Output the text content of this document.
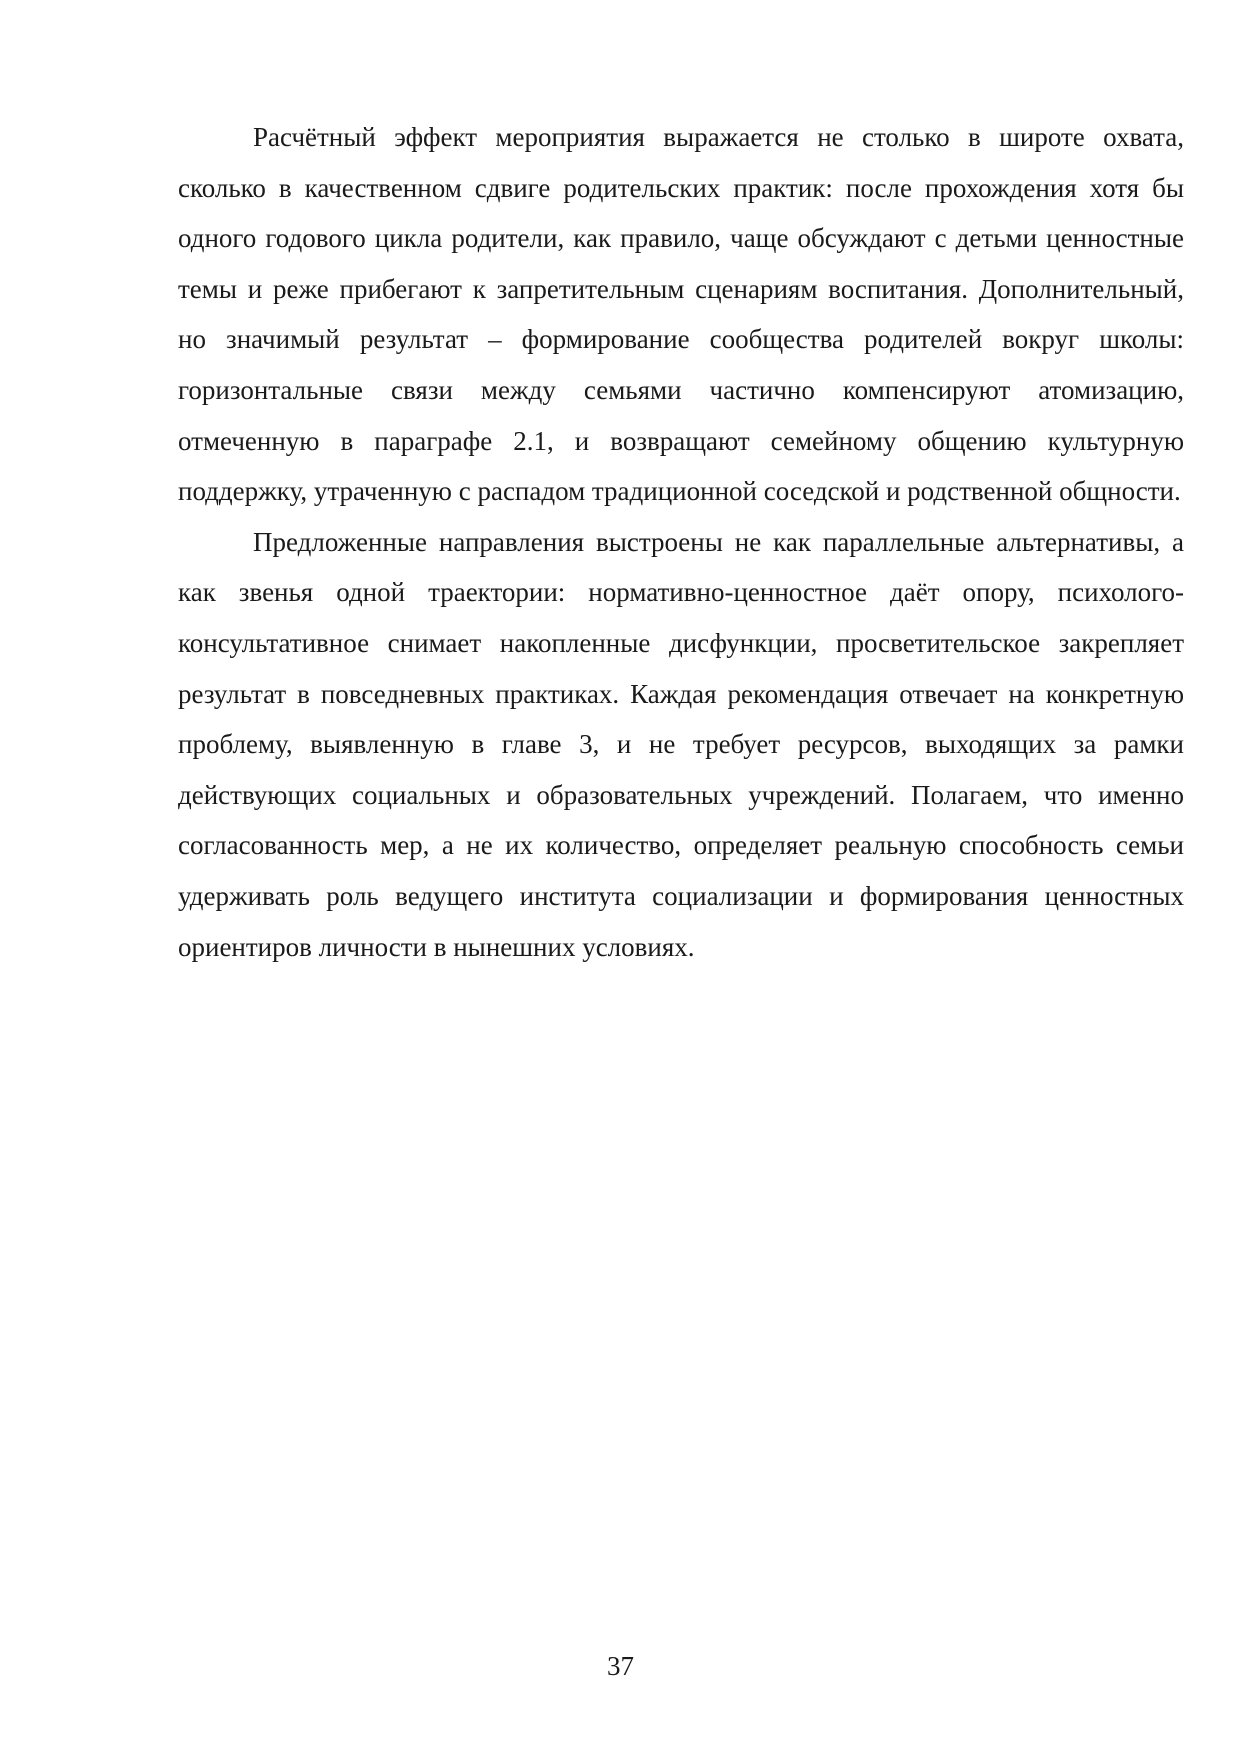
Расчётный эффект мероприятия выражается не столько в широте охвата, сколько в качественном сдвиге родительских практик: после прохождения хотя бы одного годового цикла родители, как правило, чаще обсуждают с детьми ценностные темы и реже прибегают к запретительным сценариям воспитания. Дополнительный, но значимый результат – формирование сообщества родителей вокруг школы: горизонтальные связи между семьями частично компенсируют атомизацию, отмеченную в параграфе 2.1, и возвращают семейному общению культурную поддержку, утраченную с распадом традиционной соседской и родственной общности.

Предложенные направления выстроены не как параллельные альтернативы, а как звенья одной траектории: нормативно-ценностное даёт опору, психолого-консультативное снимает накопленные дисфункции, просветительское закрепляет результат в повседневных практиках. Каждая рекомендация отвечает на конкретную проблему, выявленную в главе 3, и не требует ресурсов, выходящих за рамки действующих социальных и образовательных учреждений. Полагаем, что именно согласованность мер, а не их количество, определяет реальную способность семьи удерживать роль ведущего института социализации и формирования ценностных ориентиров личности в нынешних условиях.

37
